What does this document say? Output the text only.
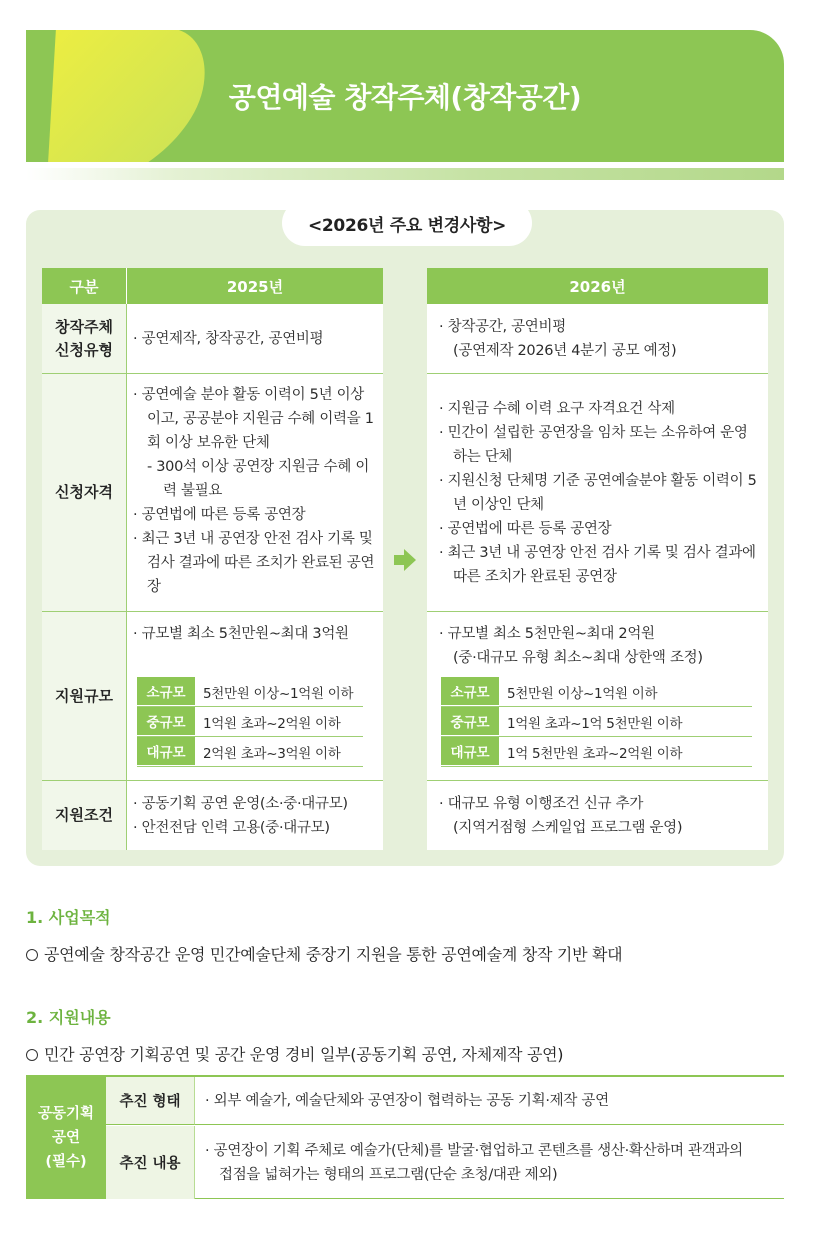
공연예술 창작주체(창작공간)
<2026년 주요 변경사항>
구분	2025년	2026년
창작주체
신청유형
신청자격
지원규모
지원조건
· 공연제작, 창작공간, 공연비평
· 공연예술 분야 활동 이력이 5년 이상이고, 공공분야 지원금 수혜 이력을 1회 이상 보유한 단체
- 300석 이상 공연장 지원금 수혜 이력 불필요
· 공연법에 따른 등록 공연장
· 최근 3년 내 공연장 안전 검사 기록 및 검사 결과에 따른 조치가 완료된 공연장
· 규모별 최소 5천만원~최대 3억원
소규모	5천만원 이상~1억원 이하
중규모	1억원 초과~2억원 이하
대규모	2억원 초과~3억원 이하
· 공동기획 공연 운영(소·중·대규모)
· 안전전담 인력 고용(중·대규모)
· 창작공간, 공연비평
(공연제작 2026년 4분기 공모 예정)
· 지원금 수혜 이력 요구 자격요건 삭제
· 민간이 설립한 공연장을 임차 또는 소유하여 운영하는 단체
· 지원신청 단체명 기준 공연예술분야 활동 이력이 5년 이상인 단체
· 공연법에 따른 등록 공연장
· 최근 3년 내 공연장 안전 검사 기록 및 검사 결과에 따른 조치가 완료된 공연장
· 규모별 최소 5천만원~최대 2억원
(중·대규모 유형 최소~최대 상한액 조정)
소규모	5천만원 이상~1억원 이하
중규모	1억원 초과~1억 5천만원 이하
대규모	1억 5천만원 초과~2억원 이하
· 대규모 유형 이행조건 신규 추가
(지역거점형 스케일업 프로그램 운영)
1. 사업목적
공연예술 창작공간 운영 민간예술단체 중장기 지원을 통한 공연예술계 창작 기반 확대
2. 지원내용
민간 공연장 기획공연 및 공간 운영 경비 일부(공동기획 공연, 자체제작 공연)
공동기획
공연
(필수)
추진 형태
·	외부 예술가, 예술단체와 공연장이 협력하는 공동 기획·제작 공연
추진 내용
· 공연장이 기획 주체로 예술가(단체)를 발굴·협업하고 콘텐츠를 생산·확산하며 관객과의 접점을 넓혀가는 형태의 프로그램(단순 초청/대관 제외)
